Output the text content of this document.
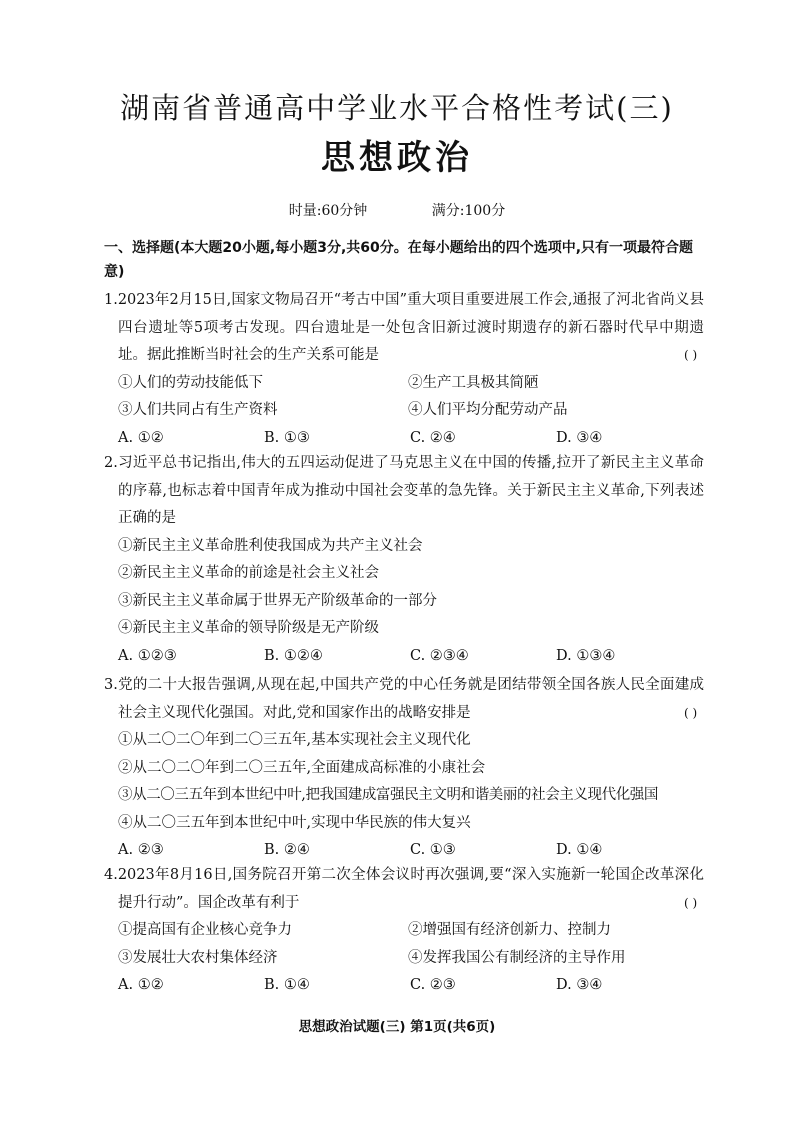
湖南省普通高中学业水平合格性考试(三)
思想政治
时量:60分钟	满分:100分
一、选择题(本大题20小题,每小题3分,共60分。在每小题给出的四个选项中,只有一项最符合题意)
1.2023年2月15日,国家文物局召开“考古中国”重大项目重要进展工作会,通报了河北省尚义县四台遗址等5项考古发现。四台遗址是一处包含旧新过渡时期遗存的新石器时代早中期遗址。据此推断当时社会的生产关系可能是	( )
①人们的劳动技能低下	②生产工具极其简陋
③人们共同占有生产资料	④人们平均分配劳动产品
A. ①②	B. ①③	C. ②④	D. ③④
2.习近平总书记指出,伟大的五四运动促进了马克思主义在中国的传播,拉开了新民主主义革命的序幕,也标志着中国青年成为推动中国社会变革的急先锋。关于新民主主义革命,下列表述正确的是
①新民主主义革命胜利使我国成为共产主义社会
②新民主主义革命的前途是社会主义社会
③新民主主义革命属于世界无产阶级革命的一部分
④新民主主义革命的领导阶级是无产阶级
A. ①②③	B. ①②④	C. ②③④	D. ①③④
3.党的二十大报告强调,从现在起,中国共产党的中心任务就是团结带领全国各族人民全面建成社会主义现代化强国。对此,党和国家作出的战略安排是	( )
①从二〇二〇年到二〇三五年,基本实现社会主义现代化
②从二〇二〇年到二〇三五年,全面建成高标准的小康社会
③从二〇三五年到本世纪中叶,把我国建成富强民主文明和谐美丽的社会主义现代化强国
④从二〇三五年到本世纪中叶,实现中华民族的伟大复兴
A. ②③	B. ②④	C. ①③	D. ①④
4.2023年8月16日,国务院召开第二次全体会议时再次强调,要“深入实施新一轮国企改革深化提升行动”。国企改革有利于	( )
①提高国有企业核心竞争力	②增强国有经济创新力、控制力
③发展壮大农村集体经济	④发挥我国公有制经济的主导作用
A. ①②	B. ①④	C. ②③	D. ③④
思想政治试题(三) 第1页(共6页)
